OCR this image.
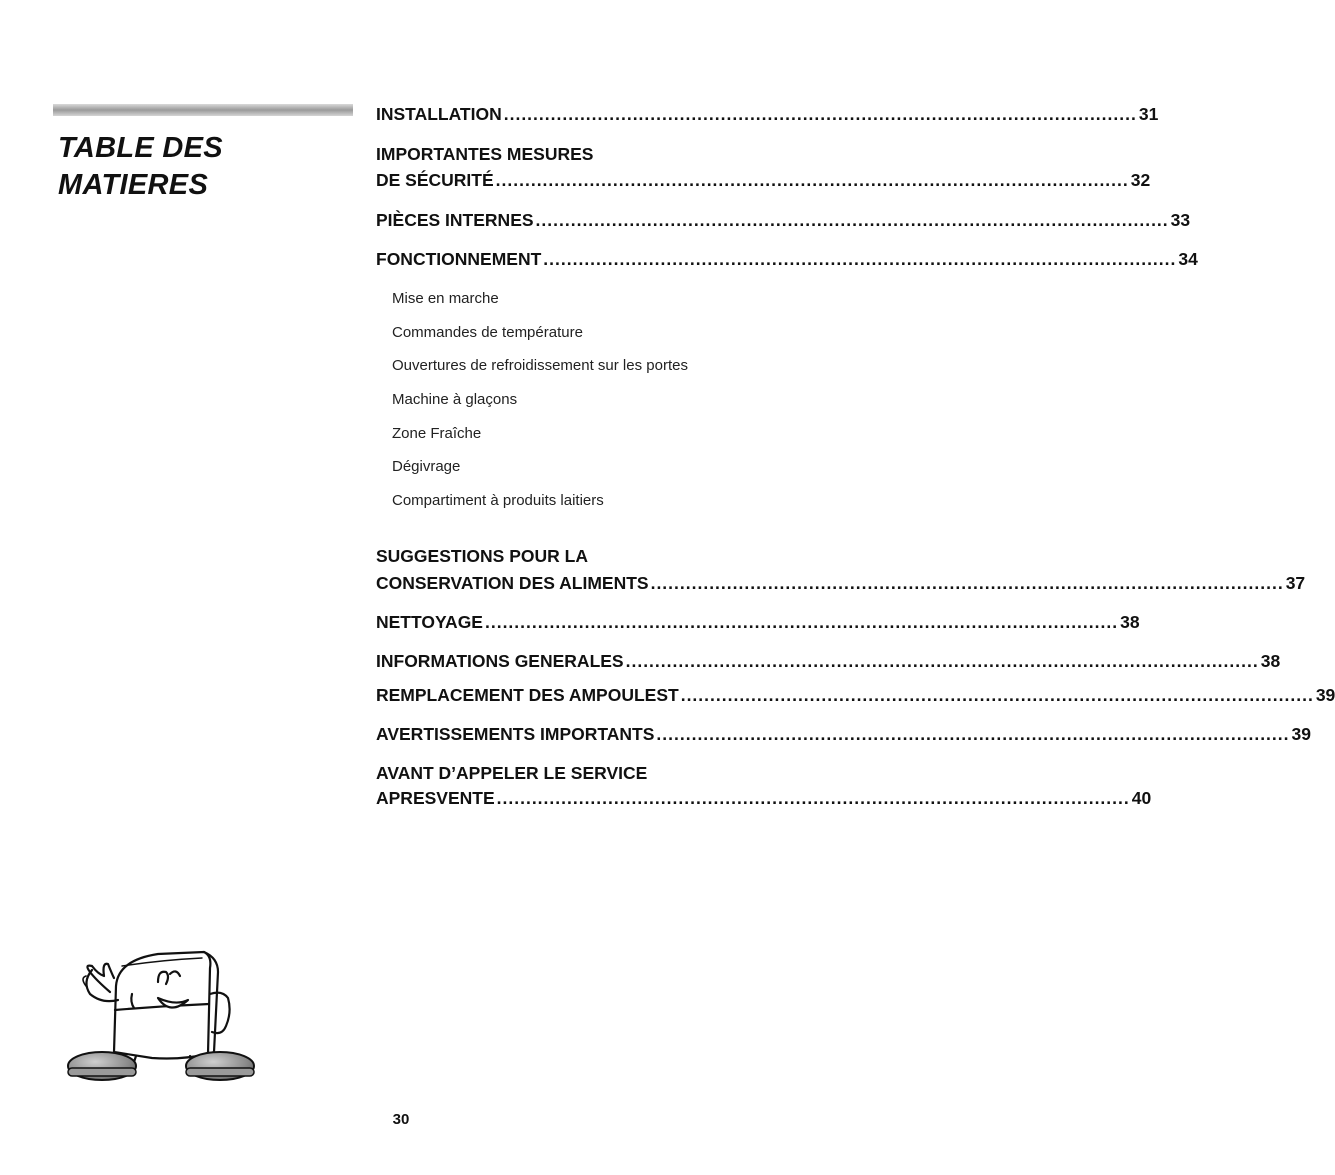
TABLE DES
MATIERES
INSTALLATION ............................................................................................................ 31
IMPORTANTES MESURES
DE SÉCURITÉ ............................................................................................................ 32
PIÈCES INTERNES ............................................................................................................ 33
FONCTIONNEMENT ............................................................................................................ 34
Mise en marche
Commandes de température
Ouvertures de refroidissement sur les portes
Machine à glaçons
Zone Fraîche
Dégivrage
Compartiment à produits laitiers
SUGGESTIONS POUR LA
CONSERVATION DES ALIMENTS ............................................................................................................ 37
NETTOYAGE ............................................................................................................ 38
INFORMATIONS GENERALES ............................................................................................................ 38
REMPLACEMENT DES AMPOULEST ............................................................................................................ 39
AVERTISSEMENTS IMPORTANTS ............................................................................................................ 39
AVANT D’APPELER LE SERVICE
APRESVENTE ............................................................................................................ 40
30
